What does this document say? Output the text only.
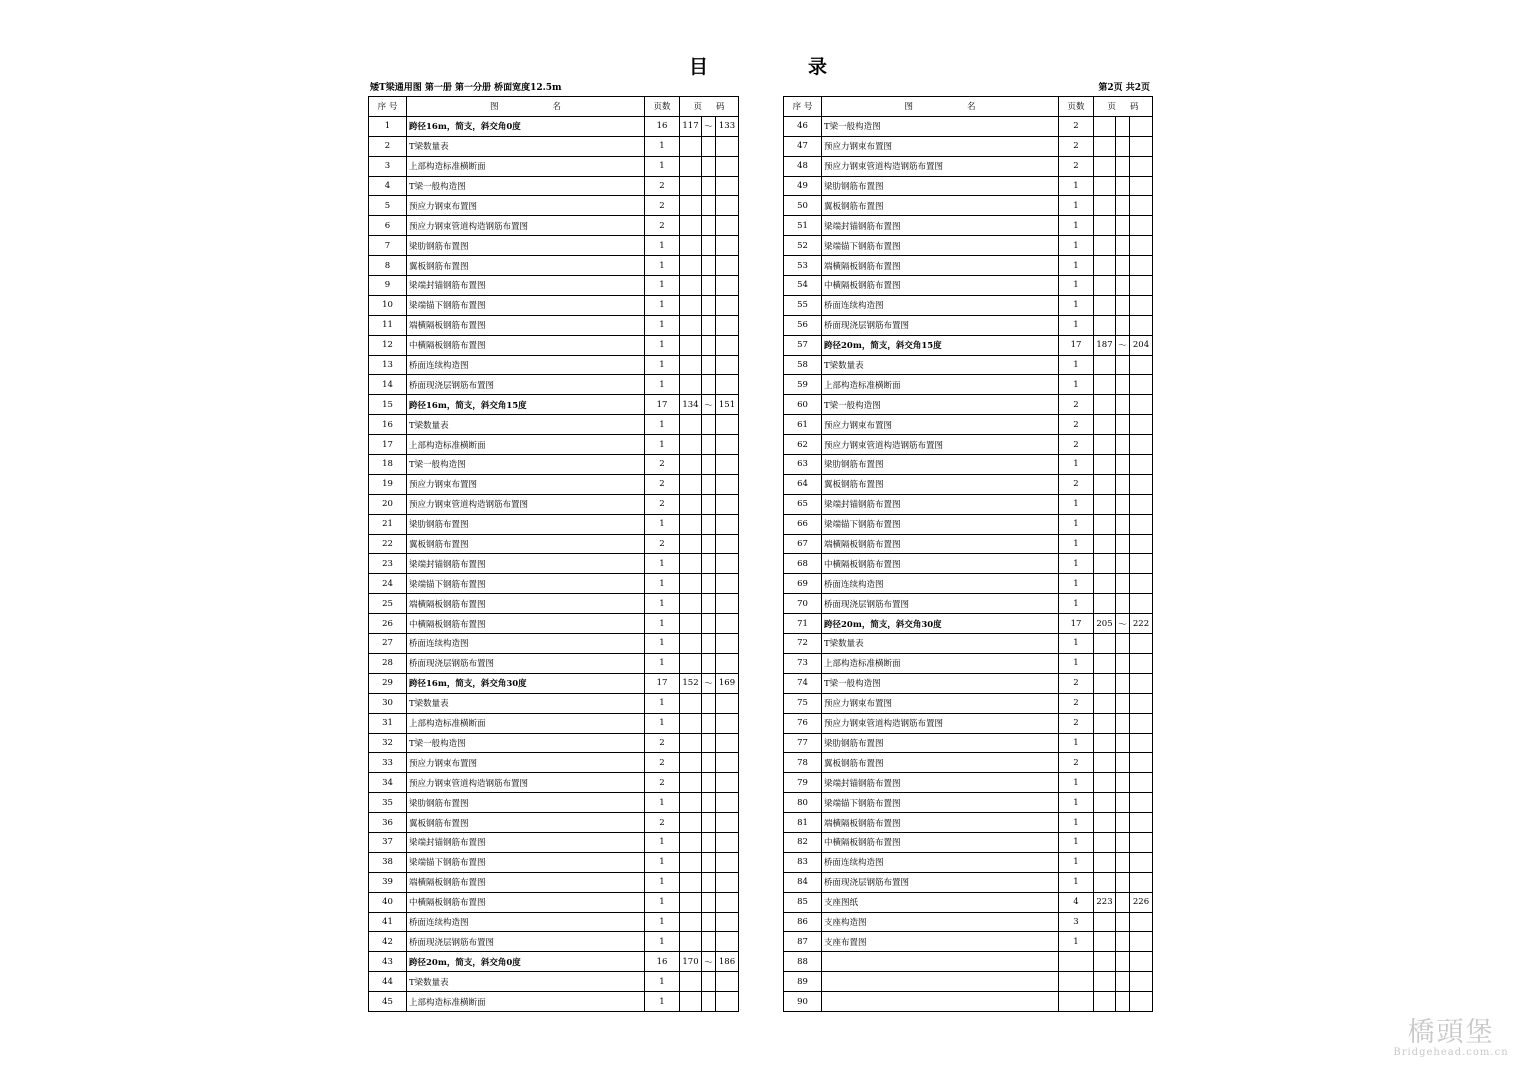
目	录
矮T梁通用图 第一册 第一分册 桥面宽度12.5m	第2页 共2页
序 号	图 名	页数	页 码		
1	跨径16m，简支，斜交角0度	16	117	～	133
2	T梁数量表	1			
3	上部构造标准横断面	1			
4	T梁一般构造图	2			
5	预应力钢束布置图	2			
6	预应力钢束管道构造钢筋布置图	2			
7	梁肋钢筋布置图	1			
8	翼板钢筋布置图	1			
9	梁端封锚钢筋布置图	1			
10	梁端锚下钢筋布置图	1			
11	端横隔板钢筋布置图	1			
12	中横隔板钢筋布置图	1			
13	桥面连续构造图	1			
14	桥面现浇层钢筋布置图	1			
15	跨径16m，简支，斜交角15度	17	134	～	151
16	T梁数量表	1			
17	上部构造标准横断面	1			
18	T梁一般构造图	2			
19	预应力钢束布置图	2			
20	预应力钢束管道构造钢筋布置图	2			
21	梁肋钢筋布置图	1			
22	翼板钢筋布置图	2			
23	梁端封锚钢筋布置图	1			
24	梁端锚下钢筋布置图	1			
25	端横隔板钢筋布置图	1			
26	中横隔板钢筋布置图	1			
27	桥面连续构造图	1			
28	桥面现浇层钢筋布置图	1			
29	跨径16m，简支，斜交角30度	17	152	～	169
30	T梁数量表	1			
31	上部构造标准横断面	1			
32	T梁一般构造图	2			
33	预应力钢束布置图	2			
34	预应力钢束管道构造钢筋布置图	2			
35	梁肋钢筋布置图	1			
36	翼板钢筋布置图	2			
37	梁端封锚钢筋布置图	1			
38	梁端锚下钢筋布置图	1			
39	端横隔板钢筋布置图	1			
40	中横隔板钢筋布置图	1			
41	桥面连续构造图	1			
42	桥面现浇层钢筋布置图	1			
43	跨径20m，简支，斜交角0度	16	170	～	186
44	T梁数量表	1			
45	上部构造标准横断面	1			
序 号	图 名	页数	页 码		
46	T梁一般构造图	2			
47	预应力钢束布置图	2			
48	预应力钢束管道构造钢筋布置图	2			
49	梁肋钢筋布置图	1			
50	翼板钢筋布置图	1			
51	梁端封锚钢筋布置图	1			
52	梁端锚下钢筋布置图	1			
53	端横隔板钢筋布置图	1			
54	中横隔板钢筋布置图	1			
55	桥面连续构造图	1			
56	桥面现浇层钢筋布置图	1			
57	跨径20m，简支，斜交角15度	17	187	～	204
58	T梁数量表	1			
59	上部构造标准横断面	1			
60	T梁一般构造图	2			
61	预应力钢束布置图	2			
62	预应力钢束管道构造钢筋布置图	2			
63	梁肋钢筋布置图	1			
64	翼板钢筋布置图	2			
65	梁端封锚钢筋布置图	1			
66	梁端锚下钢筋布置图	1			
67	端横隔板钢筋布置图	1			
68	中横隔板钢筋布置图	1			
69	桥面连续构造图	1			
70	桥面现浇层钢筋布置图	1			
71	跨径20m，简支，斜交角30度	17	205	～	222
72	T梁数量表	1			
73	上部构造标准横断面	1			
74	T梁一般构造图	2			
75	预应力钢束布置图	2			
76	预应力钢束管道构造钢筋布置图	2			
77	梁肋钢筋布置图	1			
78	翼板钢筋布置图	2			
79	梁端封锚钢筋布置图	1			
80	梁端锚下钢筋布置图	1			
81	端横隔板钢筋布置图	1			
82	中横隔板钢筋布置图	1			
83	桥面连续构造图	1			
84	桥面现浇层钢筋布置图	1			
85	支座图纸	4	223		226
86	支座构造图	3			
87	支座布置图	1			
88					
89					
90					
橋頭堡
Bridgehead.com.cn
